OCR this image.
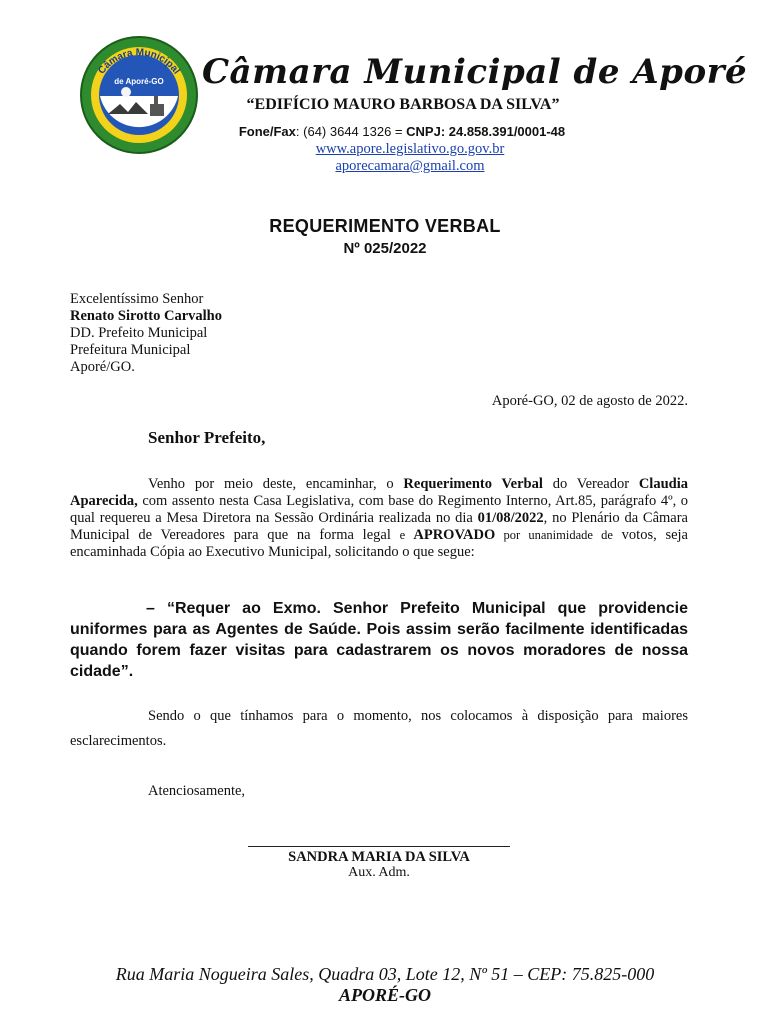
Câmara Municipal
de Aporé-GO Câmara Municipal de Aporé
“EDIFÍCIO MAURO BARBOSA DA SILVA”
Fone/Fax: (64) 3644 1326 = CNPJ: 24.858.391/0001-48
www.apore.legislativo.go.gov.br
aporecamara@gmail.com
REQUERIMENTO VERBAL
Nº 025/2022
Excelentíssimo Senhor
Renato Sirotto Carvalho
DD. Prefeito Municipal
Prefeitura Municipal
Aporé/GO.
Aporé-GO, 02 de agosto de 2022.
Senhor Prefeito,
Venho por meio deste, encaminhar, o Requerimento Verbal do Vereador Claudia Aparecida, com assento nesta Casa Legislativa, com base do Regimento Interno, Art.85, parágrafo 4º, o qual requereu a Mesa Diretora na Sessão Ordinária realizada no dia 01/08/2022, no Plenário da Câmara Municipal de Vereadores para que na forma legal e APROVADO por unanimidade de votos, seja encaminhada Cópia ao Executivo Municipal, solicitando o que segue:
– “Requer ao Exmo. Senhor Prefeito Municipal que providencie uniformes para as Agentes de Saúde. Pois assim serão facilmente identificadas quando forem fazer visitas para cadastrarem os novos moradores de nossa cidade”.
Sendo o que tínhamos para o momento, nos colocamos à disposição para maiores
esclarecimentos.
Atenciosamente,
SANDRA MARIA DA SILVA
Aux. Adm.
Rua Maria Nogueira Sales, Quadra 03, Lote 12, Nº 51 – CEP: 75.825-000
APORÉ-GO
